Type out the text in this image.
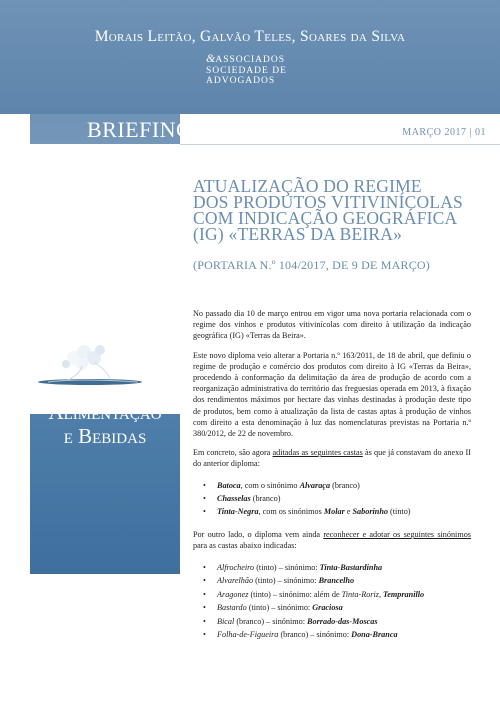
Morais Leitão, Galvão Teles, Soares da Silva
&ASSOCIADOS
SOCIEDADE DE
ADVOGADOS
BRIEFING	MARÇO 2017 | 01
Alimentação
e Bebidas
ATUALIZAÇÃO DO REGIME
DOS PRODUTOS VITIVINÍCOLAS
COM INDICAÇÃO GEOGRÁFICA
(IG) «TERRAS DA BEIRA»
(PORTARIA N.º 104/2017, DE 9 DE MARÇO)

No passado dia 10 de março entrou em vigor uma nova portaria relacionada com o regime dos vinhos e produtos vitivinícolas com direito à utilização da indicação geográfica (IG) «Terras da Beira».

Este novo diploma veio alterar a Portaria n.º 163/2011, de 18 de abril, que definiu o regime de produção e comércio dos produtos com direito à IG «Terras da Beira», procedendo à conformação da delimitação da área de produção de acordo com a reorganização administrativa do território das freguesias operada em 2013, à fixação dos rendimentos máximos por hectare das vinhas destinadas à produção deste tipo de produtos, bem como à atualização da lista de castas aptas à produção de vinhos com direito a esta denominação à luz das nomenclaturas previstas na Portaria n.º 380/2012, de 22 de novembro.

Em concreto, são agora aditadas as seguintes castas às que já constavam do anexo II do anterior diploma:

• Batoca, com o sinónimo Alvaraça (branco)
• Chasselas (branco)
• Tinta-Negra, com os sinónimos Molar e Saborinho (tinto)

Por outro lado, o diploma vem ainda reconhecer e adotar os seguintes sinónimos para as castas abaixo indicadas:

• Alfrocheiro (tinto) – sinónimo: Tinta-Bastardinha
• Alvarelhão (tinto) – sinónimo: Brancelho
• Aragonez (tinto) – sinónimo: além de Tinta-Roriz, Tempranillo
• Bastardo (tinto) – sinónimo: Graciosa
• Bical (branco) – sinónimo: Borrado-das-Moscas
• Folha-de-Figueira (branco) – sinónimo: Dona-Branca
